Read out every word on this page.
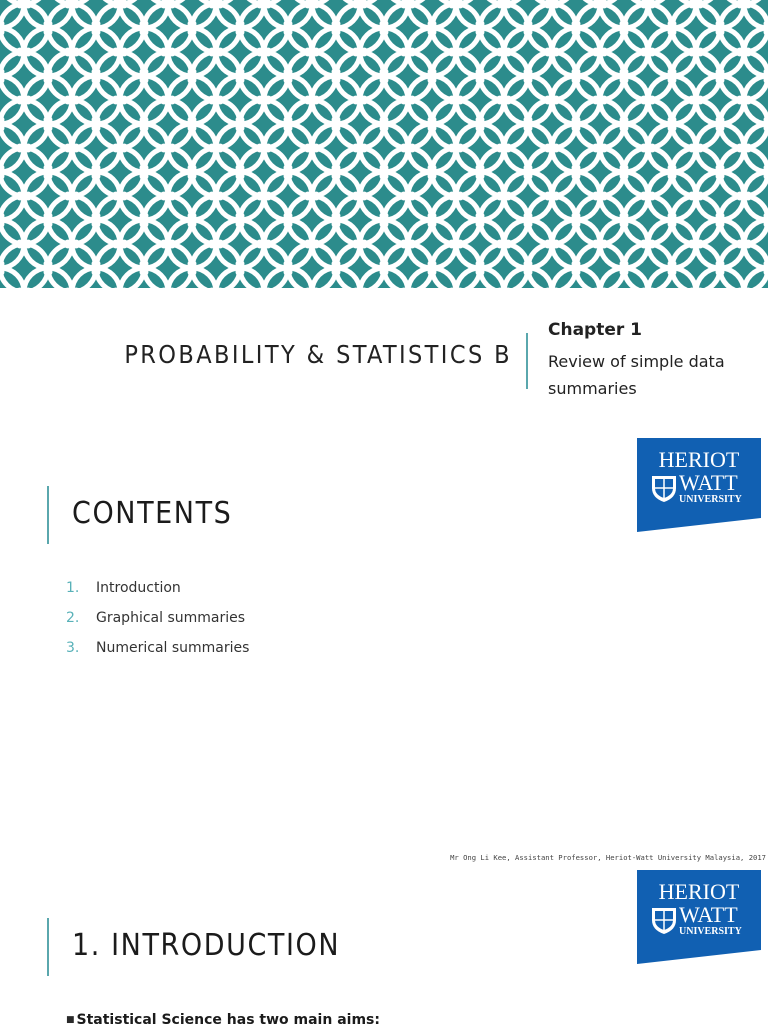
PROBABILITY & STATISTICS B
Chapter 1
Review of simple data summaries
CONTENTS
HERIOT
WATT
UNIVERSITY
1. Introduction
2. Graphical summaries
3. Numerical summaries
Mr Ong Li Kee, Assistant Professor, Heriot-Watt University Malaysia, 2017
HERIOT
WATT
UNIVERSITY
1. INTRODUCTION
■ Statistical Science has two main aims:
